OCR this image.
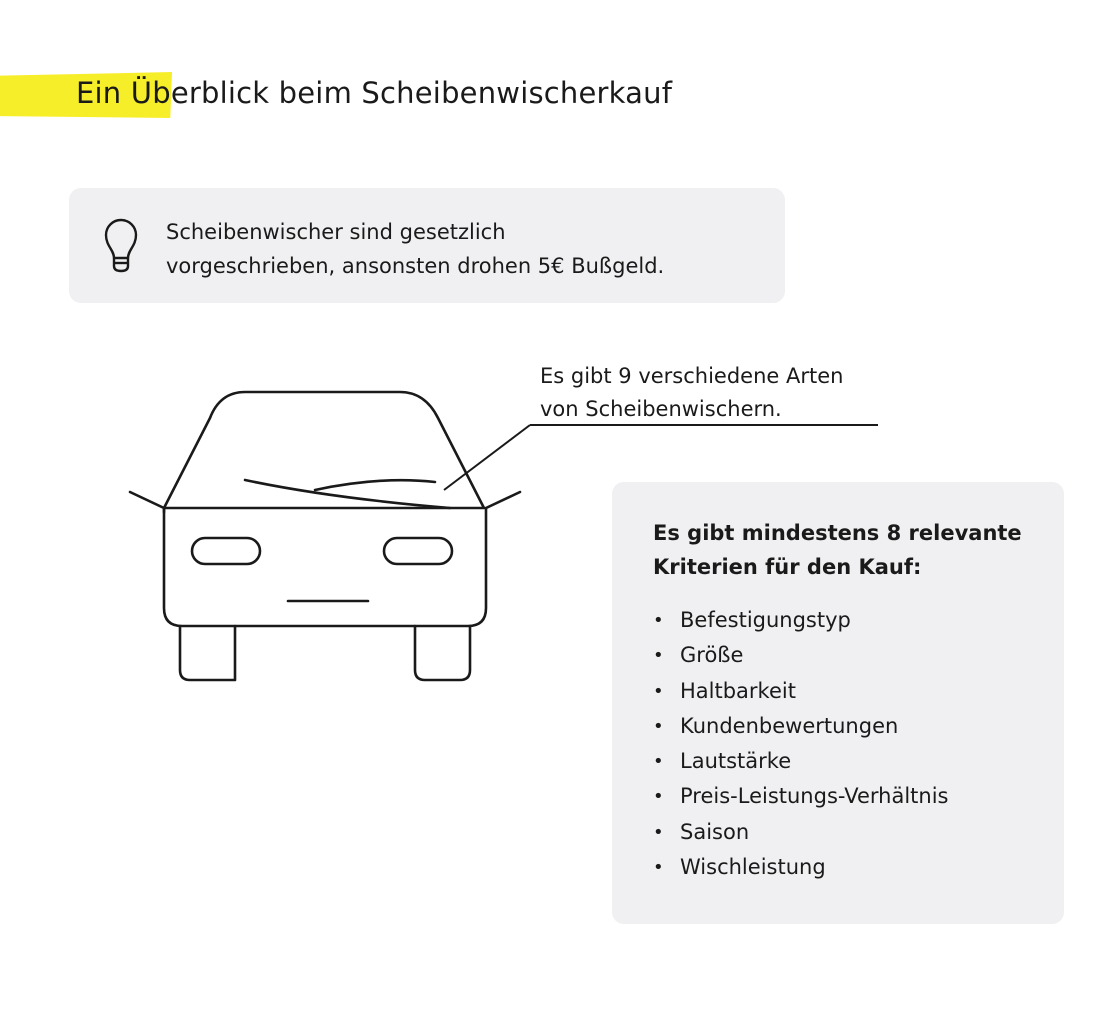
Ein Überblick beim Scheibenwischerkauf

Scheibenwischer sind gesetzlich
vorgeschrieben, ansonsten drohen 5€ Bußgeld.

Es gibt 9 verschiedene Arten
von Scheibenwischern.

Es gibt mindestens 8 relevante
Kriterien für den Kauf:

• Befestigungstyp
• Größe
• Haltbarkeit
• Kundenbewertungen
• Lautstärke
• Preis-Leistungs-Verhältnis
• Saison
• Wischleistung
